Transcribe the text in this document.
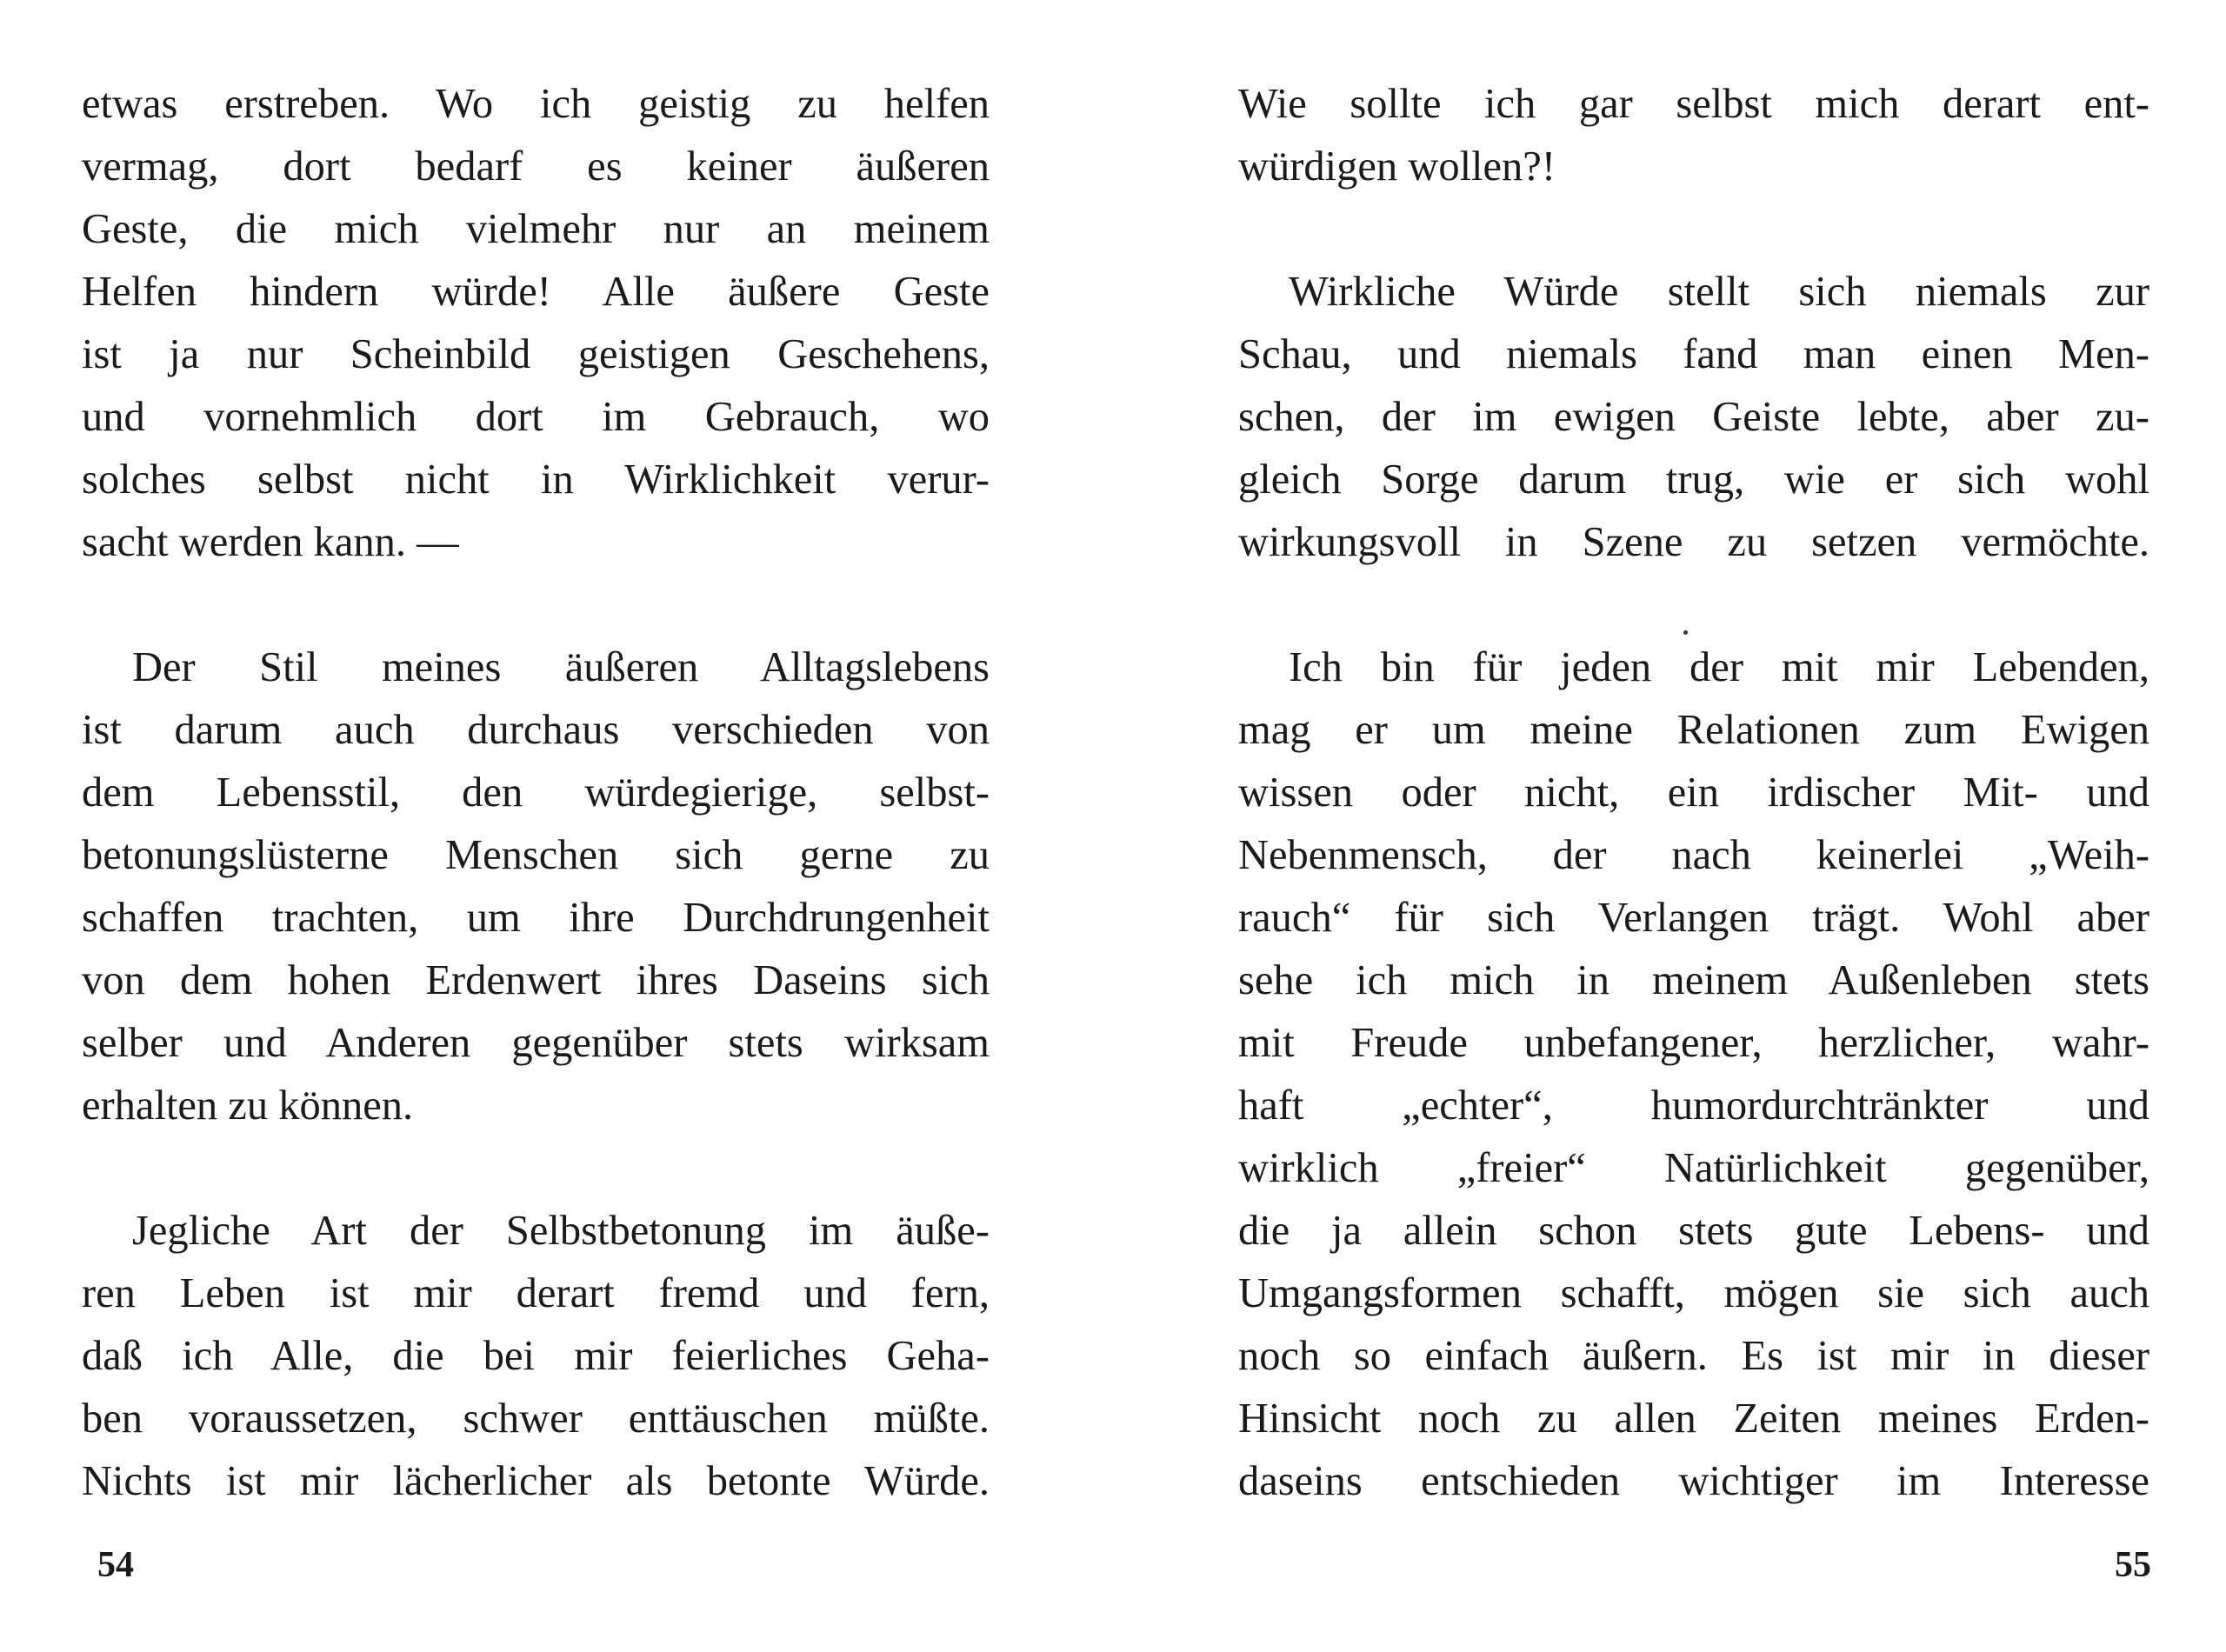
etwas erstreben. Wo ich geistig zu helfen
vermag, dort bedarf es keiner äußeren
Geste, die mich vielmehr nur an meinem
Helfen hindern würde! Alle äußere Geste
ist ja nur Scheinbild geistigen Geschehens,
und vornehmlich dort im Gebrauch, wo
solches selbst nicht in Wirklichkeit verur-
sacht werden kann. —
Der Stil meines äußeren Alltagslebens
ist darum auch durchaus verschieden von
dem Lebensstil, den würdegierige, selbst-
betonungslüsterne Menschen sich gerne zu
schaffen trachten, um ihre Durchdrungenheit
von dem hohen Erdenwert ihres Daseins sich
selber und Anderen gegenüber stets wirksam
erhalten zu können.
Jegliche Art der Selbstbetonung im äuße-
ren Leben ist mir derart fremd und fern,
daß ich Alle, die bei mir feierliches Geha-
ben voraussetzen, schwer enttäuschen müßte.
Nichts ist mir lächerlicher als betonte Würde.
54
Wie sollte ich gar selbst mich derart ent-
würdigen wollen?!
Wirkliche Würde stellt sich niemals zur
Schau, und niemals fand man einen Men-
schen, der im ewigen Geiste lebte, aber zu-
gleich Sorge darum trug, wie er sich wohl
wirkungsvoll in Szene zu setzen vermöchte.
Ich bin für jeden der mit mir Lebenden,
mag er um meine Relationen zum Ewigen
wissen oder nicht, ein irdischer Mit- und
Nebenmensch, der nach keinerlei „Weih-
rauch“ für sich Verlangen trägt. Wohl aber
sehe ich mich in meinem Außenleben stets
mit Freude unbefangener, herzlicher, wahr-
haft „echter“, humordurchtränkter und
wirklich „freier“ Natürlichkeit gegenüber,
die ja allein schon stets gute Lebens- und
Umgangsformen schafft, mögen sie sich auch
noch so einfach äußern. Es ist mir in dieser
Hinsicht noch zu allen Zeiten meines Erden-
daseins entschieden wichtiger im Interesse
55
